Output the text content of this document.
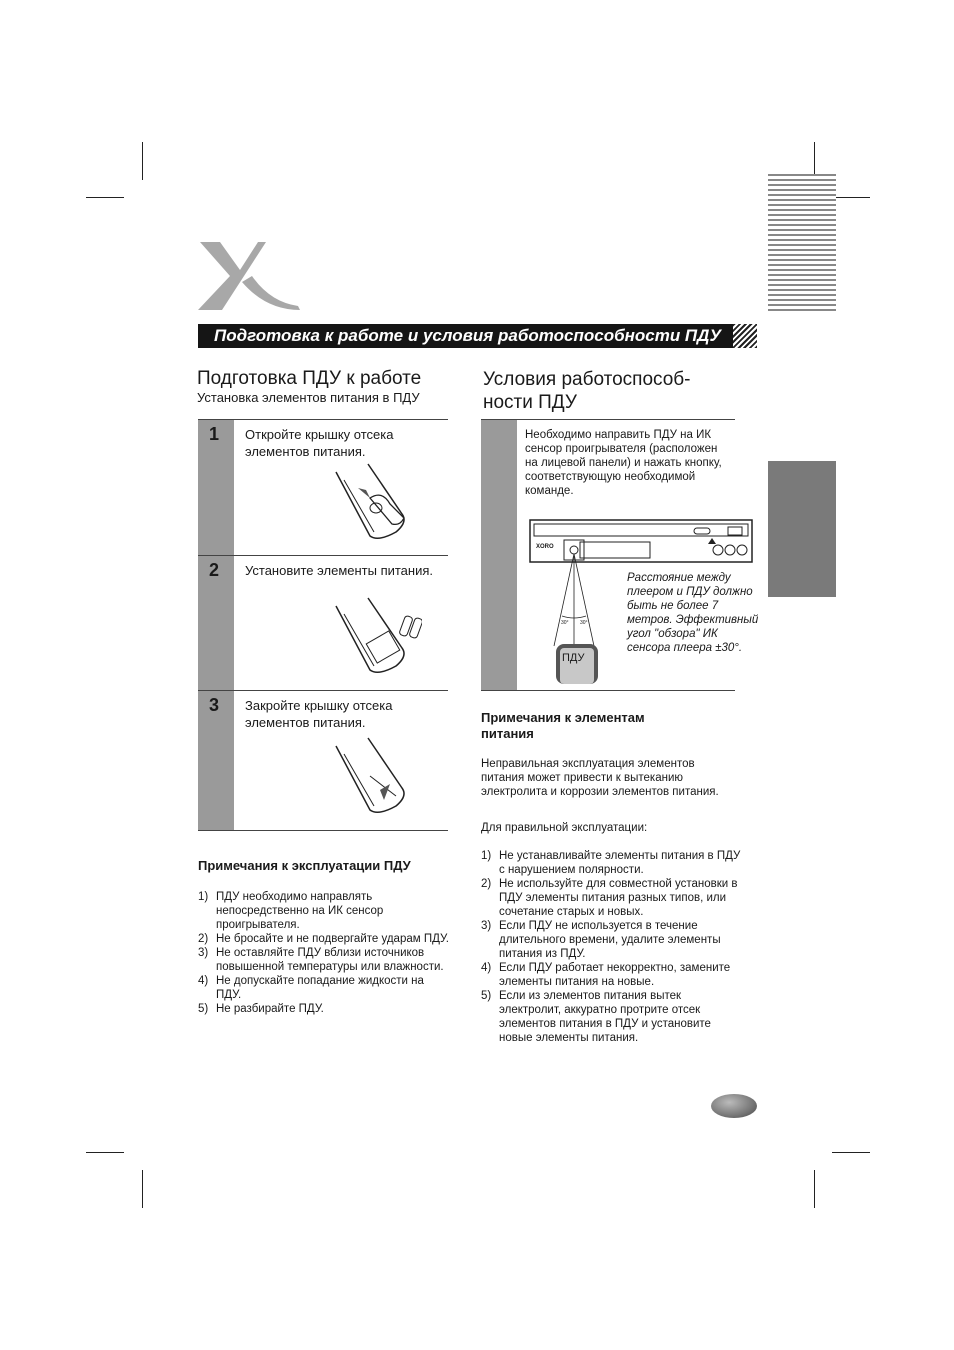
Подготовка к работе и условия работоспособности ПДУ
Подготовка ПДУ к работе
Установка элементов питания в ПДУ
1 Откройте крышку отсека элементов питания.
2 Установите элементы питания.
3 Закройте крышку отсека элементов питания.
Примечания к эксплуатации ПДУ
1) ПДУ необходимо направлять непосредственно на ИК сенсор проигрывателя.
2) Не бросайте и не подвергайте ударам ПДУ.
3) Не оставляйте ПДУ вблизи источников повышенной температуры или влажности.
4) Не допускайте попадание жидкости на ПДУ.
5) Не разбирайте ПДУ.
Условия работоспособ-
ности ПДУ
Необходимо направить ПДУ на ИК сенсор проигрывателя (расположен на лицевой панели) и нажать кнопку, соответствующую необходимой команде.
XORO
30° 30°
ПДУ
Расстояние между плеером и ПДУ должно быть не более 7 метров. Эффективный угол "обзора" ИК сенсора плеера ±30°.
Примечания к элементам питания
Неправильная эксплуатация элементов питания может привести к вытеканию электролита и коррозии элементов питания.
Для правильной эксплуатации:
1) Не устанавливайте элементы питания в ПДУ с нарушением полярности.
2) Не используйте для совместной установки в ПДУ элементы питания разных типов, или сочетание старых и новых.
3) Если ПДУ не используется в течение длительного времени, удалите элементы питания из ПДУ.
4) Если ПДУ работает некорректно, замените элементы питания на новые.
5) Если из элементов питания вытек электролит, аккуратно протрите отсек элементов питания в ПДУ и установите новые элементы питания.
